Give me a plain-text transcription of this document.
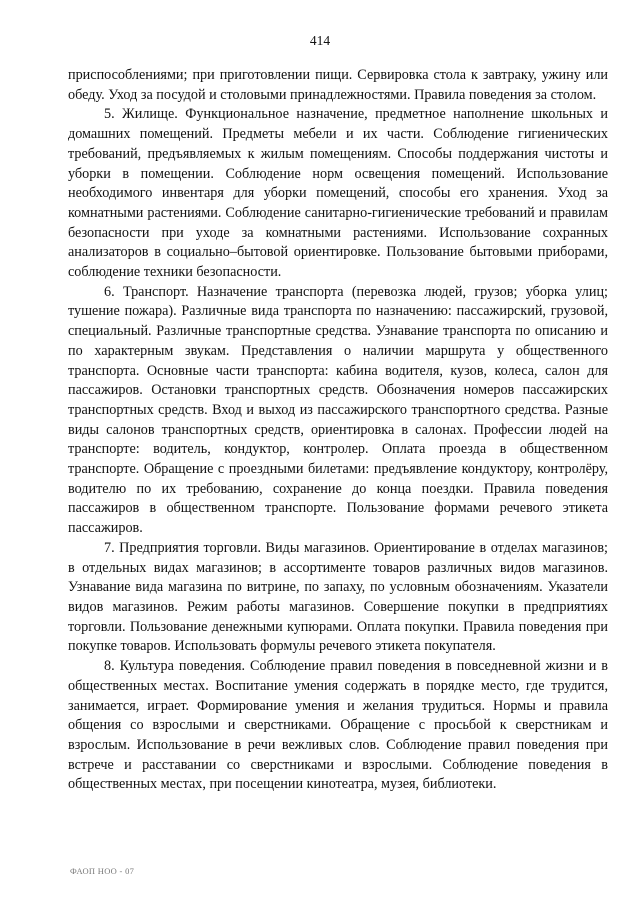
414

приспособлениями; при приготовлении пищи. Сервировка стола к завтраку, ужину или обеду. Уход за посудой и столовыми принадлежностями. Правила поведения за столом.

5. Жилище. Функциональное назначение, предметное наполнение школьных и домашних помещений. Предметы мебели и их части. Соблюдение гигиенических требований, предъявляемых к жилым помещениям. Способы поддержания чистоты и уборки в помещении. Соблюдение норм освещения помещений. Использование необходимого инвентаря для уборки помещений, способы его хранения. Уход за комнатными растениями. Соблюдение санитарно-гигиенические требований и правилам безопасности при уходе за комнатными растениями. Использование сохранных анализаторов в социально–бытовой ориентировке. Пользование бытовыми приборами, соблюдение техники безопасности.

6. Транспорт. Назначение транспорта (перевозка людей, грузов; уборка улиц; тушение пожара). Различные вида транспорта по назначению: пассажирский, грузовой, специальный. Различные транспортные средства. Узнавание транспорта по описанию и по характерным звукам. Представления о наличии маршрута у общественного транспорта. Основные части транспорта: кабина водителя, кузов, колеса, салон для пассажиров. Остановки транспортных средств. Обозначения номеров пассажирских транспортных средств. Вход и выход из пассажирского транспортного средства. Разные виды салонов транспортных средств, ориентировка в салонах. Профессии людей на транспорте: водитель, кондуктор, контролер. Оплата проезда в общественном транспорте. Обращение с проездными билетами: предъявление кондуктору, контролёру, водителю по их требованию, сохранение до конца поездки. Правила поведения пассажиров в общественном транспорте. Пользование формами речевого этикета пассажиров.

7. Предприятия торговли. Виды магазинов. Ориентирование в отделах магазинов; в отдельных видах магазинов; в ассортименте товаров различных видов магазинов. Узнавание вида магазина по витрине, по запаху, по условным обозначениям. Указатели видов магазинов. Режим работы магазинов. Совершение покупки в предприятиях торговли. Пользование денежными купюрами. Оплата покупки. Правила поведения при покупке товаров. Использовать формулы речевого этикета покупателя.

8. Культура поведения. Соблюдение правил поведения в повседневной жизни и в общественных местах. Воспитание умения содержать в порядке место, где трудится, занимается, играет. Формирование умения и желания трудиться. Нормы и правила общения со взрослыми и сверстниками. Обращение с просьбой к сверстникам и взрослым. Использование в речи вежливых слов. Соблюдение правил поведения при встрече и расставании со сверстниками и взрослыми. Соблюдение поведения в общественных местах, при посещении кинотеатра, музея, библиотеки.

ФАОП НОО - 07
